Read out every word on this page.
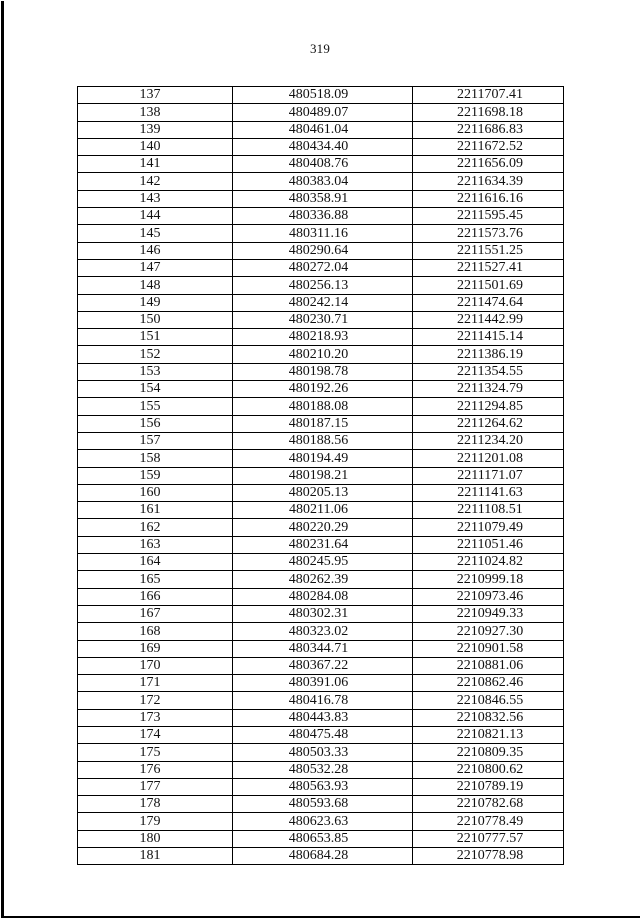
319
137	480518.09	2211707.41
138	480489.07	2211698.18
139	480461.04	2211686.83
140	480434.40	2211672.52
141	480408.76	2211656.09
142	480383.04	2211634.39
143	480358.91	2211616.16
144	480336.88	2211595.45
145	480311.16	2211573.76
146	480290.64	2211551.25
147	480272.04	2211527.41
148	480256.13	2211501.69
149	480242.14	2211474.64
150	480230.71	2211442.99
151	480218.93	2211415.14
152	480210.20	2211386.19
153	480198.78	2211354.55
154	480192.26	2211324.79
155	480188.08	2211294.85
156	480187.15	2211264.62
157	480188.56	2211234.20
158	480194.49	2211201.08
159	480198.21	2211171.07
160	480205.13	2211141.63
161	480211.06	2211108.51
162	480220.29	2211079.49
163	480231.64	2211051.46
164	480245.95	2211024.82
165	480262.39	2210999.18
166	480284.08	2210973.46
167	480302.31	2210949.33
168	480323.02	2210927.30
169	480344.71	2210901.58
170	480367.22	2210881.06
171	480391.06	2210862.46
172	480416.78	2210846.55
173	480443.83	2210832.56
174	480475.48	2210821.13
175	480503.33	2210809.35
176	480532.28	2210800.62
177	480563.93	2210789.19
178	480593.68	2210782.68
179	480623.63	2210778.49
180	480653.85	2210777.57
181	480684.28	2210778.98
